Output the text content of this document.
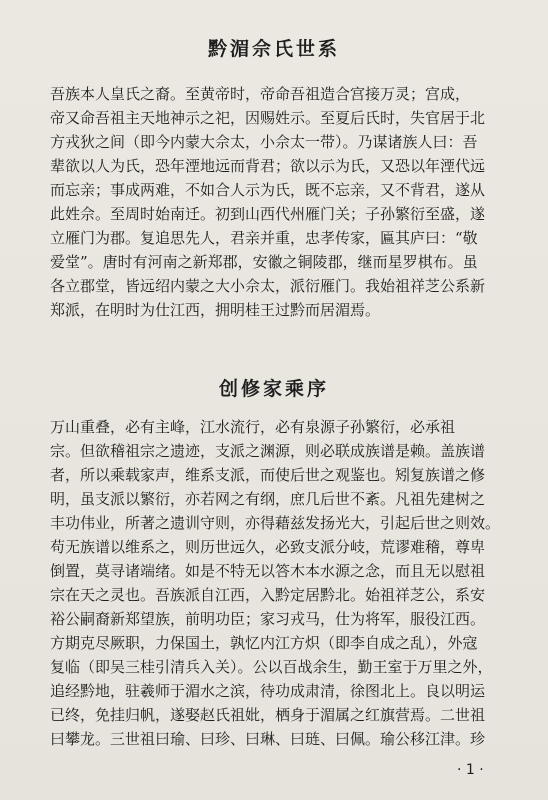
黔湄佘氏世系
吾族本人皇氏之裔。至黄帝时，帝命吾祖造合宫接万灵；宫成，
帝又命吾祖主天地神示之祀，因赐姓示。至夏后氏时，失官居于北
方戎狄之间（即今内蒙大佘太，小佘太一带）。乃谋诸族人曰：吾
辈欲以人为氏，恐年湮地远而背君；欲以示为氏，又恐以年湮代远
而忘亲；事成两难，不如合人示为氏，既不忘亲，又不背君，遂从
此姓佘。至周时始南迁。初到山西代州雁门关；子孙繁衍至盛，遂
立雁门为郡。复追思先人，君亲并重，忠孝传家，匾其庐曰：“敬
爱堂”。唐时有河南之新郑郡，安徽之铜陵郡，继而星罗棋布。虽
各立郡堂，皆远绍内蒙之大小佘太，派衍雁门。我始祖祥芝公系新
郑派，在明时为仕江西，拥明桂王过黔而居湄焉。
创修家乘序
万山重叠，必有主峰，江水流行，必有泉源子孙繁衍，必承祖
宗。但欲稽祖宗之遗迹，支派之渊源，则必联成族谱是赖。盖族谱
者，所以乘载家声，维系支派，而使后世之观鉴也。矧复族谱之修
明，虽支派以繁衍，亦若网之有纲，庶几后世不紊。凡祖先建树之
丰功伟业，所著之遗训守则，亦得藉兹发扬光大，引起后世之则效。
苟无族谱以维系之，则历世远久，必致支派分岐，荒谬难稽，尊卑
倒置，莫寻诸端绪。如是不特无以答木本水源之念，而且无以慰祖
宗在天之灵也。吾族派自江西，入黔定居黔北。始祖祥芝公，系安
裕公嗣裔新郑望族，前明功臣；家习戎马，仕为将军，服役江西。
方期克尽厥职，力保国土，孰忆内江方炽（即李自成之乱），外寇
复临（即吴三桂引清兵入关）。公以百战余生，勤王室于万里之外，
追经黔地，驻羲师于湄水之滨，待功成肃清，徐图北上。良以明运
已终，免挂归帆，遂娶赵氏祖妣，栖身于湄属之红旗营焉。二世祖
曰攀龙。三世祖曰瑜、曰珍、曰琳、曰琏、曰佩。瑜公移江津。珍
· 1 ·
